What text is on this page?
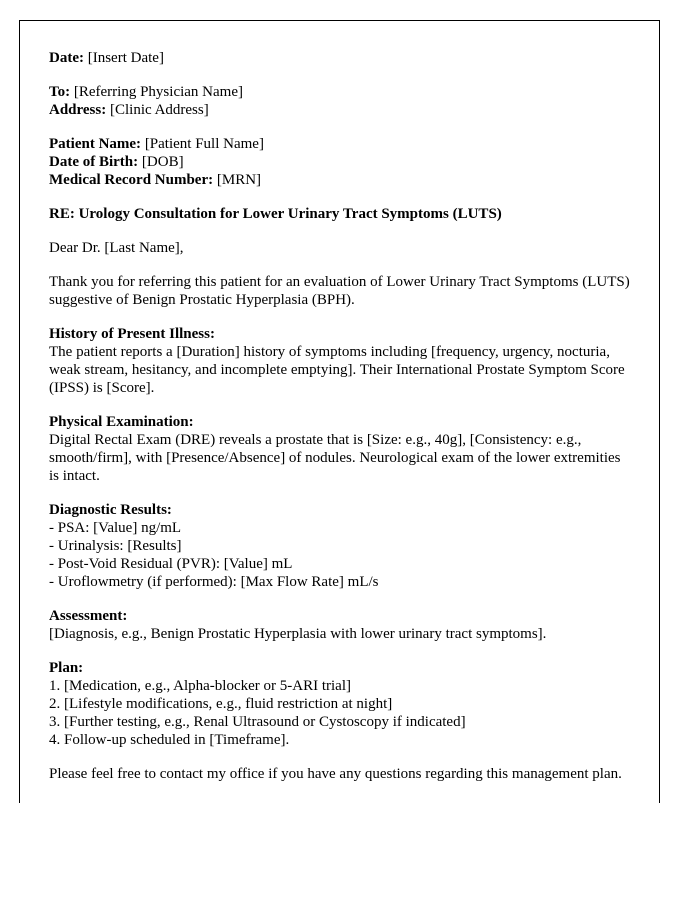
Date: [Insert Date]
To: [Referring Physician Name]
Address: [Clinic Address]
Patient Name: [Patient Full Name]
Date of Birth: [DOB]
Medical Record Number: [MRN]
RE: Urology Consultation for Lower Urinary Tract Symptoms (LUTS)
Dear Dr. [Last Name],
Thank you for referring this patient for an evaluation of Lower Urinary Tract Symptoms (LUTS) suggestive of Benign Prostatic Hyperplasia (BPH).
History of Present Illness:
The patient reports a [Duration] history of symptoms including [frequency, urgency, nocturia, weak stream, hesitancy, and incomplete emptying]. Their International Prostate Symptom Score (IPSS) is [Score].
Physical Examination:
Digital Rectal Exam (DRE) reveals a prostate that is [Size: e.g., 40g], [Consistency: e.g., smooth/firm], with [Presence/Absence] of nodules. Neurological exam of the lower extremities is intact.
Diagnostic Results:
- PSA: [Value] ng/mL
- Urinalysis: [Results]
- Post-Void Residual (PVR): [Value] mL
- Uroflowmetry (if performed): [Max Flow Rate] mL/s
Assessment:
[Diagnosis, e.g., Benign Prostatic Hyperplasia with lower urinary tract symptoms].
Plan:
1. [Medication, e.g., Alpha-blocker or 5-ARI trial]
2. [Lifestyle modifications, e.g., fluid restriction at night]
3. [Further testing, e.g., Renal Ultrasound or Cystoscopy if indicated]
4. Follow-up scheduled in [Timeframe].
Please feel free to contact my office if you have any questions regarding this management plan.
